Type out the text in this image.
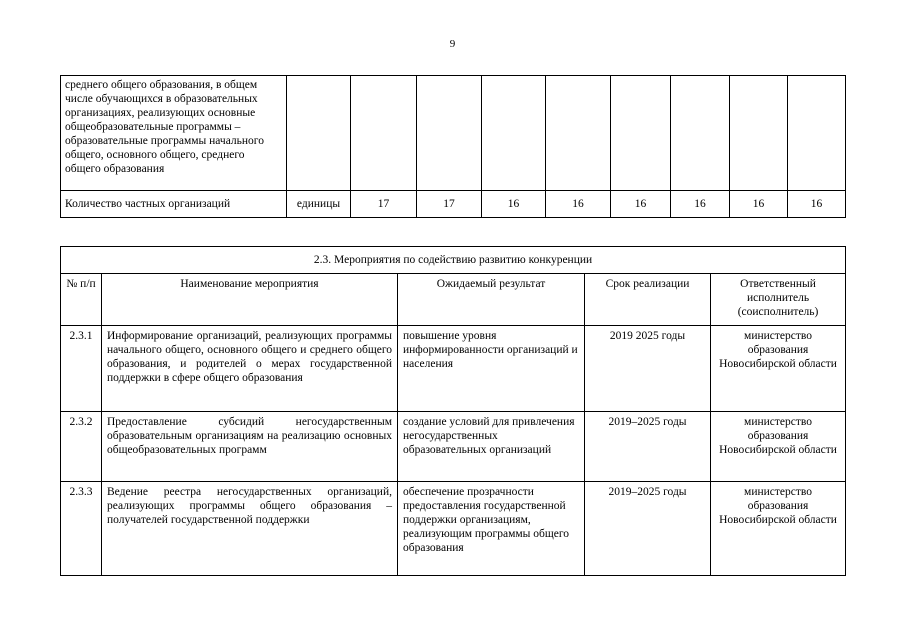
9
среднего общего образования, в общем числе обучающихся в образовательных организациях, реализующих основные общеобразовательные программы – образовательные программы начального общего, основного общего, среднего общего образования									
Количество частных организаций	единицы	17	17	16	16	16	16	16	16
2.3. Мероприятия по содействию развитию конкуренции				
№ п/п	Наименование мероприятия	Ожидаемый результат	Срок реализации	Ответственный исполнитель (соисполнитель)
2.3.1	Информирование организаций, реализующих программы начального общего, основного общего и среднего общего образования, и родителей о мерах государственной поддержки в сфере общего образования	повышение уровня информированности организаций и населения	2019 2025 годы	министерство образования Новосибирской области
2.3.2	Предоставление субсидий негосударственным образовательным организациям на реализацию основных общеобразовательных программ	создание условий для привлечения негосударственных образовательных организаций	2019–2025 годы	министерство образования Новосибирской области
2.3.3	Ведение реестра негосударственных организаций, реализующих программы общего образования – получателей государственной поддержки	обеспечение прозрачности предоставления государственной поддержки организациям, реализующим программы общего образования	2019–2025 годы	министерство образования Новосибирской области
